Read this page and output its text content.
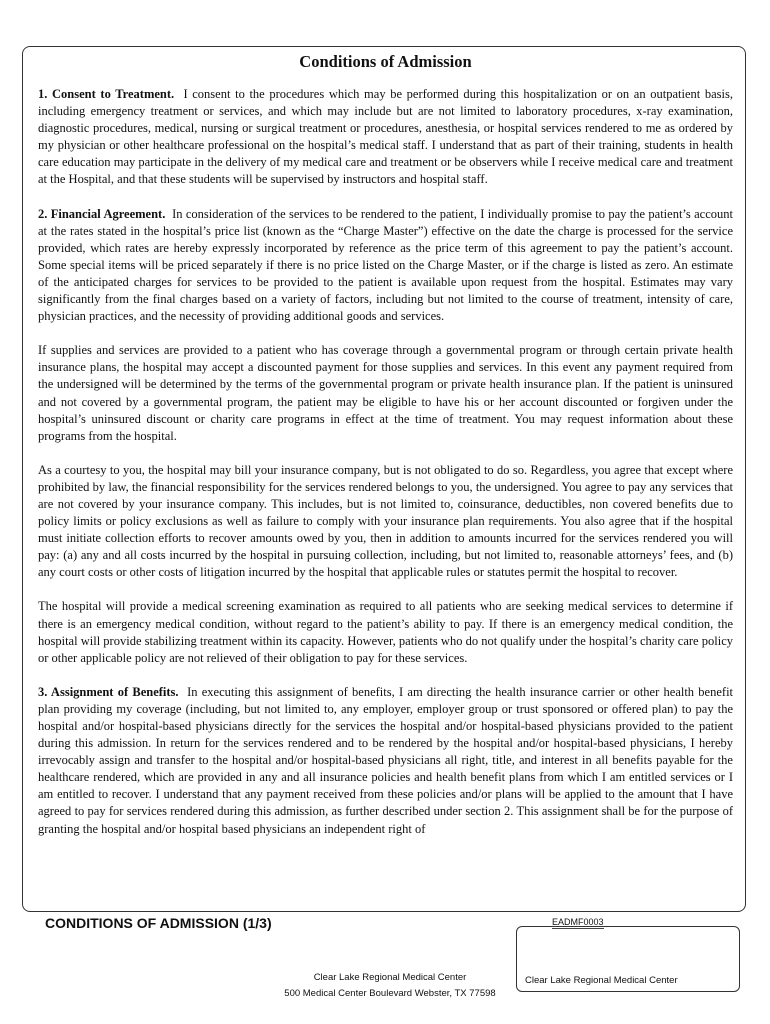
Conditions of Admission

1. Consent to Treatment. I consent to the procedures which may be performed during this hospitalization or on an outpatient basis, including emergency treatment or services, and which may include but are not limited to laboratory procedures, x-ray examination, diagnostic procedures, medical, nursing or surgical treatment or procedures, anesthesia, or hospital services rendered to me as ordered by my physician or other healthcare professional on the hospital’s medical staff. I understand that as part of their training, students in health care education may participate in the delivery of my medical care and treatment or be observers while I receive medical care and treatment at the Hospital, and that these students will be supervised by instructors and hospital staff.

2. Financial Agreement. In consideration of the services to be rendered to the patient, I individually promise to pay the patient’s account at the rates stated in the hospital’s price list (known as the “Charge Master”) effective on the date the charge is processed for the service provided, which rates are hereby expressly incorporated by reference as the price term of this agreement to pay the patient’s account. Some special items will be priced separately if there is no price listed on the Charge Master, or if the charge is listed as zero. An estimate of the anticipated charges for services to be provided to the patient is available upon request from the hospital. Estimates may vary significantly from the final charges based on a variety of factors, including but not limited to the course of treatment, intensity of care, physician practices, and the necessity of providing additional goods and services.

If supplies and services are provided to a patient who has coverage through a governmental program or through certain private health insurance plans, the hospital may accept a discounted payment for those supplies and services. In this event any payment required from the undersigned will be determined by the terms of the governmental program or private health insurance plan. If the patient is uninsured and not covered by a governmental program, the patient may be eligible to have his or her account discounted or forgiven under the hospital’s uninsured discount or charity care programs in effect at the time of treatment. You may request information about these programs from the hospital.

As a courtesy to you, the hospital may bill your insurance company, but is not obligated to do so. Regardless, you agree that except where prohibited by law, the financial responsibility for the services rendered belongs to you, the undersigned. You agree to pay any services that are not covered by your insurance company. This includes, but is not limited to, coinsurance, deductibles, non covered benefits due to policy limits or policy exclusions as well as failure to comply with your insurance plan requirements. You also agree that if the hospital must initiate collection efforts to recover amounts owed by you, then in addition to amounts incurred for the services rendered you will pay: (a) any and all costs incurred by the hospital in pursuing collection, including, but not limited to, reasonable attorneys’ fees, and (b) any court costs or other costs of litigation incurred by the hospital that applicable rules or statutes permit the hospital to recover.

The hospital will provide a medical screening examination as required to all patients who are seeking medical services to determine if there is an emergency medical condition, without regard to the patient’s ability to pay. If there is an emergency medical condition, the hospital will provide stabilizing treatment within its capacity. However, patients who do not qualify under the hospital’s charity care policy or other applicable policy are not relieved of their obligation to pay for these services.

3. Assignment of Benefits. In executing this assignment of benefits, I am directing the health insurance carrier or other health benefit plan providing my coverage (including, but not limited to, any employer, employer group or trust sponsored or offered plan) to pay the hospital and/or hospital-based physicians directly for the services the hospital and/or hospital-based physicians provided to the patient during this admission. In return for the services rendered and to be rendered by the hospital and/or hospital-based physicians, I hereby irrevocably assign and transfer to the hospital and/or hospital-based physicians all right, title, and interest in all benefits payable for the healthcare rendered, which are provided in any and all insurance policies and health benefit plans from which I am entitled services or I am entitled to recover. I understand that any payment received from these policies and/or plans will be applied to the amount that I have agreed to pay for services rendered during this admission, as further described under section 2. This assignment shall be for the purpose of granting the hospital and/or hospital based physicians an independent right of

CONDITIONS OF ADMISSION (1/3)	EADMF0003
Clear Lake Regional Medical Center
Clear Lake Regional Medical Center
500 Medical Center Boulevard Webster, TX 77598
